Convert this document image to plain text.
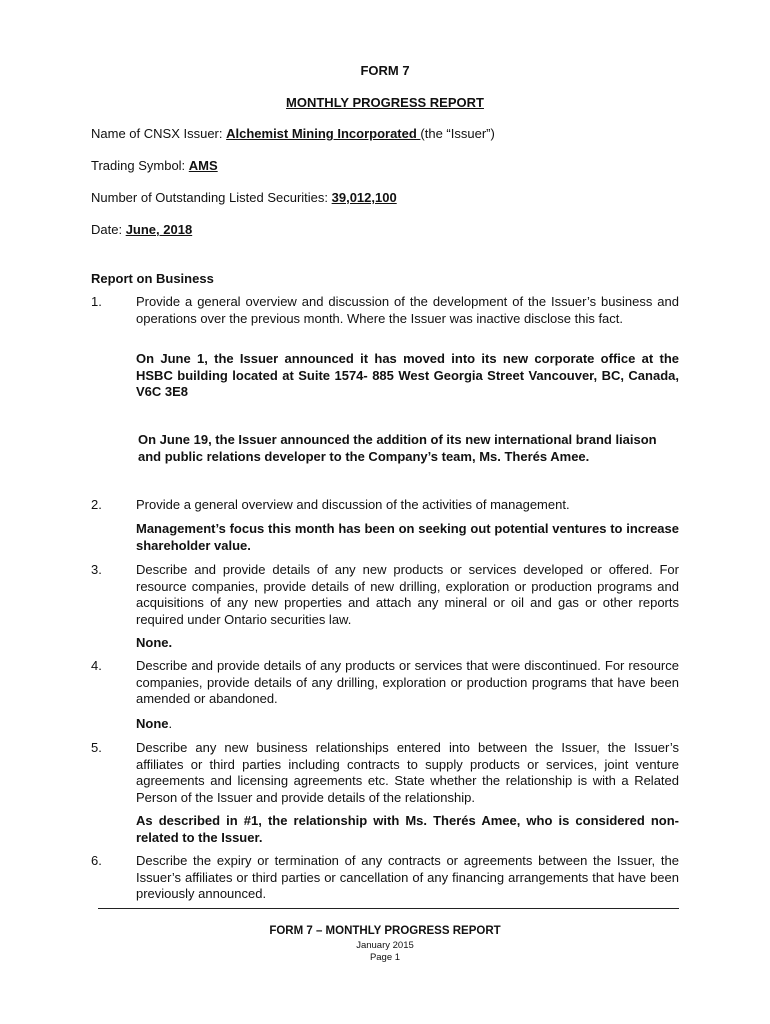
FORM 7
MONTHLY PROGRESS REPORT
Name of CNSX Issuer: Alchemist Mining Incorporated (the “Issuer”)
Trading Symbol: AMS
Number of Outstanding Listed Securities: 39,012,100
Date: June, 2018
Report on Business
1.	Provide a general overview and discussion of the development of the Issuer’s business and operations over the previous month. Where the Issuer was inactive disclose this fact.
On June 1, the Issuer announced it has moved into its new corporate office at the HSBC building located at Suite 1574- 885 West Georgia Street Vancouver, BC, Canada, V6C 3E8
On June 19, the Issuer announced the addition of its new international brand liaison and public relations developer to the Company’s team, Ms. Therés Amee.
2.	Provide a general overview and discussion of the activities of management.
Management’s focus this month has been on seeking out potential ventures to increase shareholder value.
3.	Describe and provide details of any new products or services developed or offered. For resource companies, provide details of new drilling, exploration or production programs and acquisitions of any new properties and attach any mineral or oil and gas or other reports required under Ontario securities law.
None.
4.	Describe and provide details of any products or services that were discontinued. For resource companies, provide details of any drilling, exploration or production programs that have been amended or abandoned.
None.
5.	Describe any new business relationships entered into between the Issuer, the Issuer’s affiliates or third parties including contracts to supply products or services, joint venture agreements and licensing agreements etc. State whether the relationship is with a Related Person of the Issuer and provide details of the relationship.
As described in #1, the relationship with Ms. Therés Amee, who is considered non-related to the Issuer.
6.	Describe the expiry or termination of any contracts or agreements between the Issuer, the Issuer’s affiliates or third parties or cancellation of any financing arrangements that have been previously announced.
FORM 7 – MONTHLY PROGRESS REPORT
January 2015
Page 1
